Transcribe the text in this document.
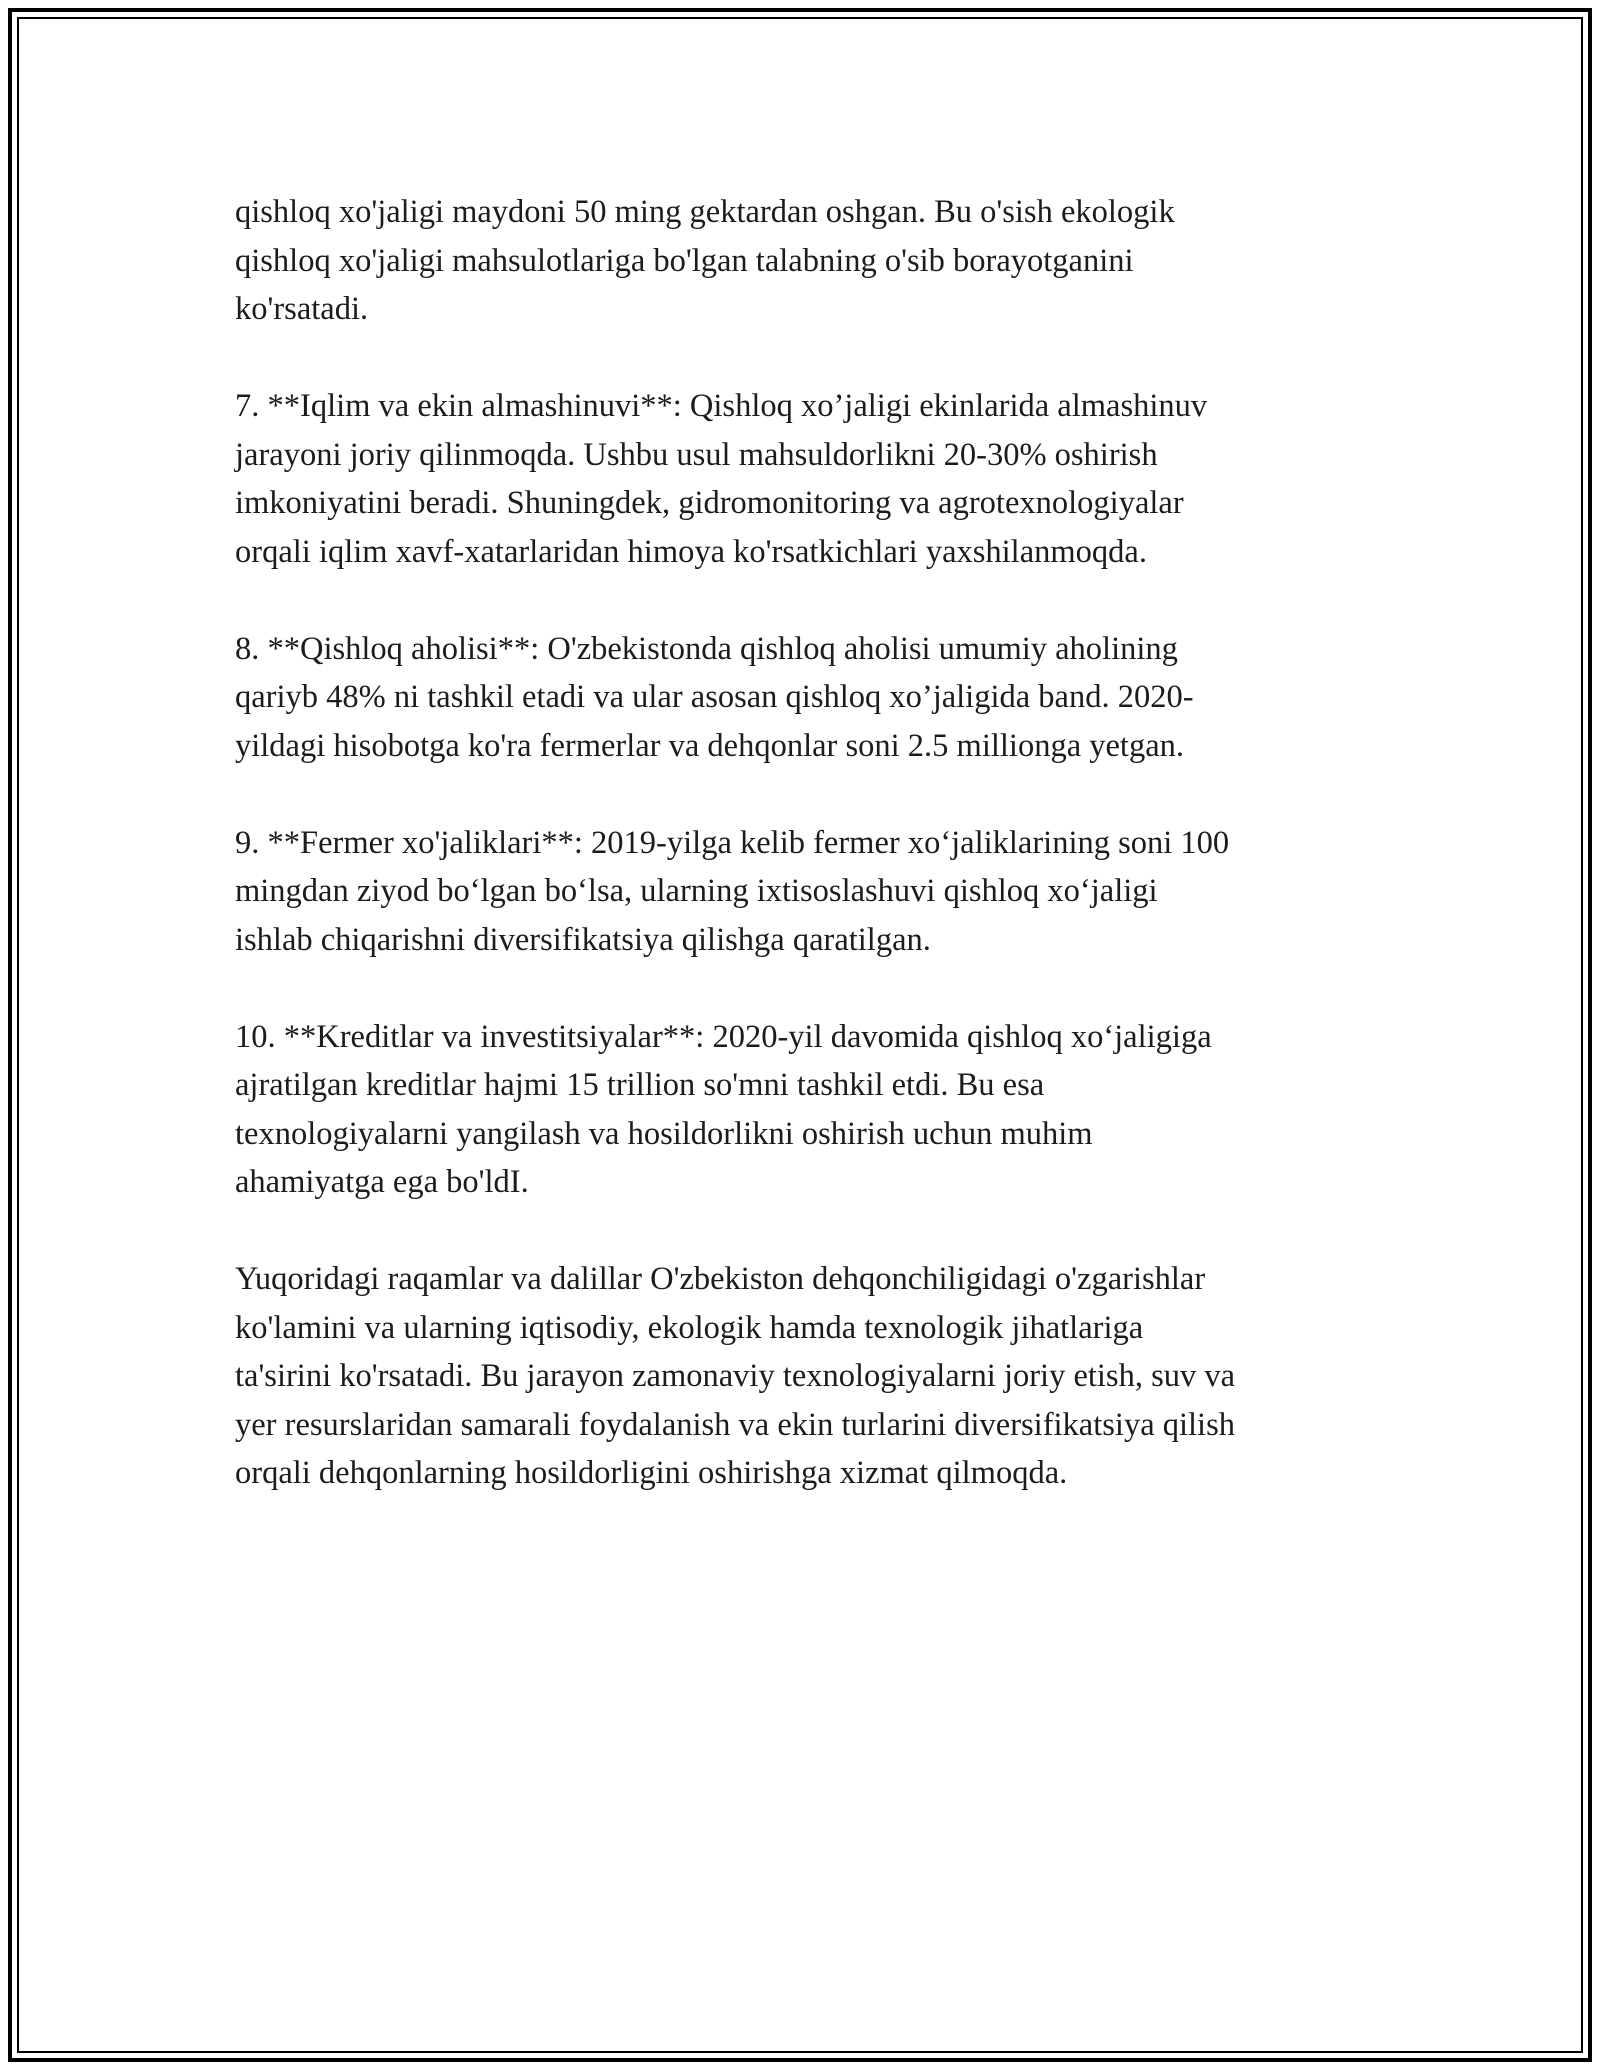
qishloq xo'jaligi maydoni 50 ming gektardan oshgan. Bu o'sish ekologik
qishloq xo'jaligi mahsulotlariga bo'lgan talabning o'sib borayotganini
ko'rsatadi.

7. **Iqlim va ekin almashinuvi**: Qishloq xo’jaligi ekinlarida almashinuv
jarayoni joriy qilinmoqda. Ushbu usul mahsuldorlikni 20-30% oshirish
imkoniyatini beradi. Shuningdek, gidromonitoring va agrotexnologiyalar
orqali iqlim xavf-xatarlaridan himoya ko'rsatkichlari yaxshilanmoqda.

8. **Qishloq aholisi**: O'zbekistonda qishloq aholisi umumiy aholining
qariyb 48% ni tashkil etadi va ular asosan qishloq xo’jaligida band. 2020-
yildagi hisobotga ko'ra fermerlar va dehqonlar soni 2.5 millionga yetgan.

9. **Fermer xo'jaliklari**: 2019-yilga kelib fermer xo‘jaliklarining soni 100
mingdan ziyod bo‘lgan bo‘lsa, ularning ixtisoslashuvi qishloq xo‘jaligi
ishlab chiqarishni diversifikatsiya qilishga qaratilgan.

10. **Kreditlar va investitsiyalar**: 2020-yil davomida qishloq xo‘jaligiga
ajratilgan kreditlar hajmi 15 trillion so'mni tashkil etdi. Bu esa
texnologiyalarni yangilash va hosildorlikni oshirish uchun muhim
ahamiyatga ega bo'ldI.

Yuqoridagi raqamlar va dalillar O'zbekiston dehqonchiligidagi o'zgarishlar
ko'lamini va ularning iqtisodiy, ekologik hamda texnologik jihatlariga
ta'sirini ko'rsatadi. Bu jarayon zamonaviy texnologiyalarni joriy etish, suv va
yer resurslaridan samarali foydalanish va ekin turlarini diversifikatsiya qilish
orqali dehqonlarning hosildorligini oshirishga xizmat qilmoqda.
